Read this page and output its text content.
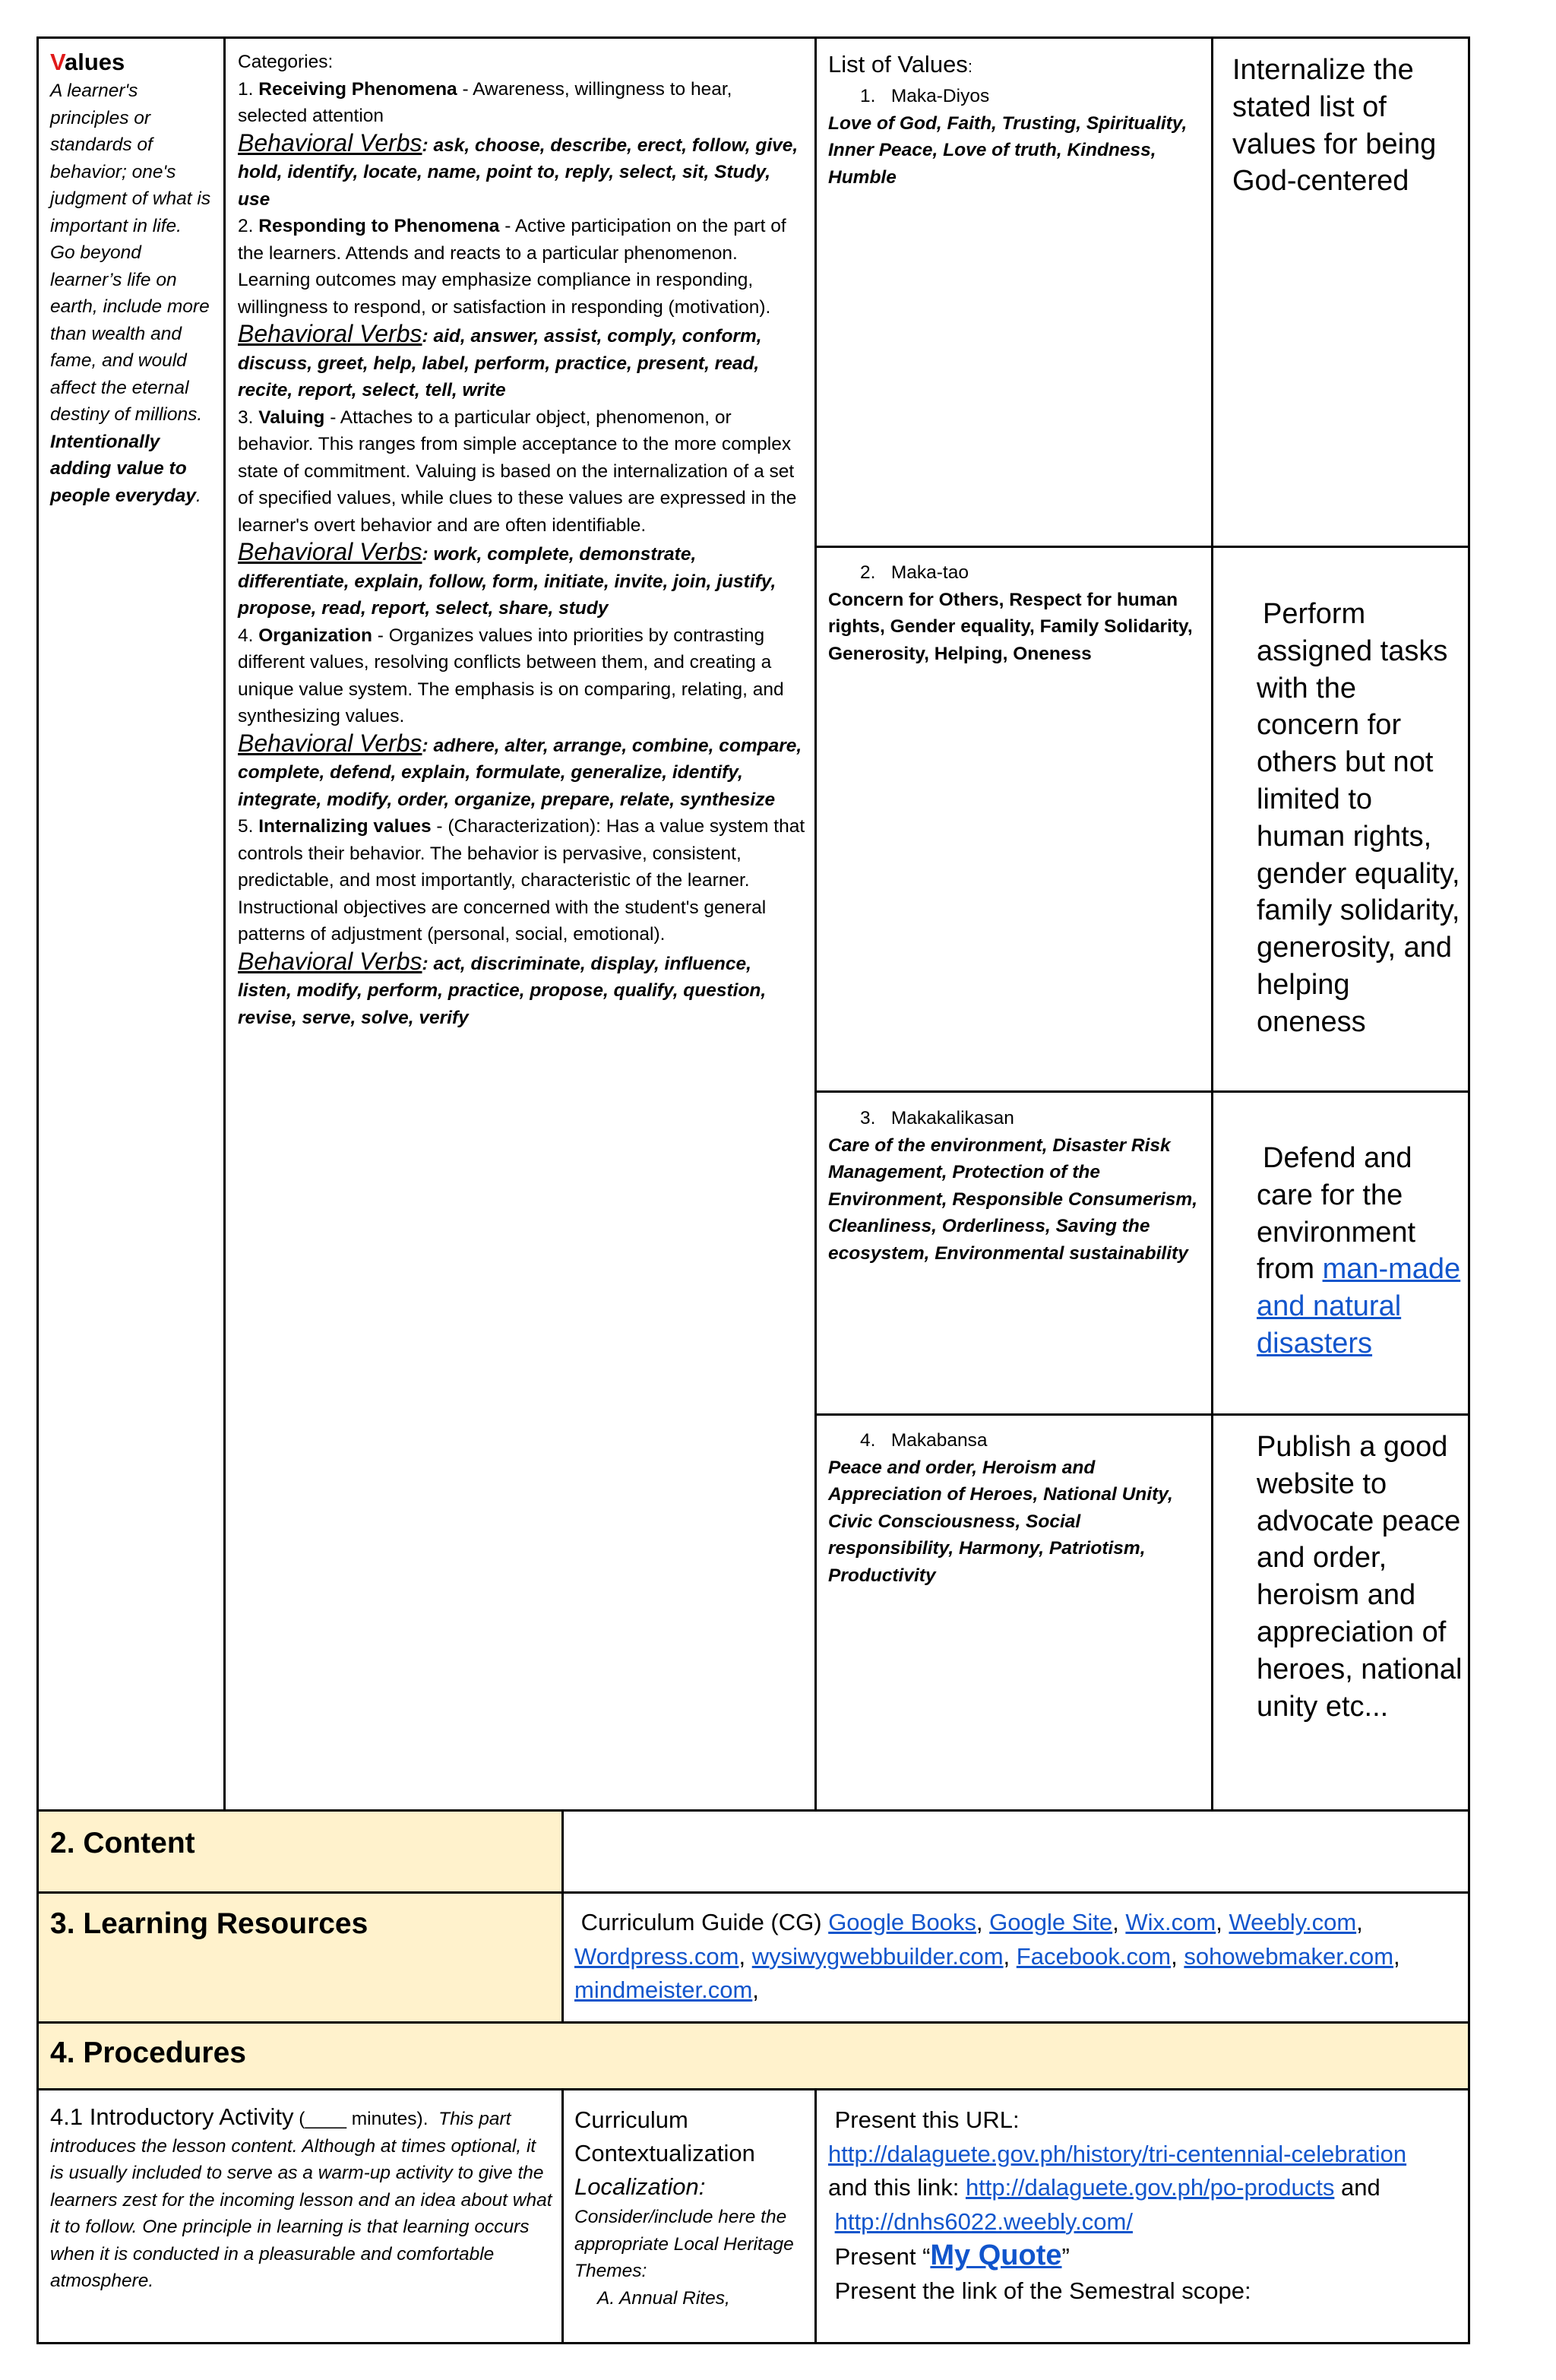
Values

A learner's principles or standards of behavior; one's judgment of what is important in life.

Go beyond learner’s life on earth, include more than wealth and fame, and would affect the eternal destiny of millions.

Intentionally adding value to people everyday.

Categories:

1. Receiving Phenomena - Awareness, willingness to hear, selected attention

Behavioral Verbs: ask, choose, describe, erect, follow, give, hold, identify, locate, name, point to, reply, select, sit, Study, use

2. Responding to Phenomena - Active participation on the part of the learners. Attends and reacts to a particular phenomenon. Learning outcomes may emphasize compliance in responding, willingness to respond, or satisfaction in responding (motivation).

Behavioral Verbs: aid, answer, assist, comply, conform, discuss, greet, help, label, perform, practice, present, read, recite, report, select, tell, write

3. Valuing - Attaches to a particular object, phenomenon, or behavior. This ranges from simple acceptance to the more complex state of commitment. Valuing is based on the internalization of a set of specified values, while clues to these values are expressed in the learner's overt behavior and are often identifiable.

Behavioral Verbs: work, complete, demonstrate, differentiate, explain, follow, form, initiate, invite, join, justify, propose, read, report, select, share, study

4. Organization - Organizes values into priorities by contrasting different values, resolving conflicts between them, and creating a unique value system. The emphasis is on comparing, relating, and synthesizing values.

Behavioral Verbs: adhere, alter, arrange, combine, compare, complete, defend, explain, formulate, generalize, identify, integrate, modify, order, organize, prepare, relate, synthesize

5. Internalizing values - (Characterization): Has a value system that controls their behavior. The behavior is pervasive, consistent, predictable, and most importantly, characteristic of the learner. Instructional objectives are concerned with the student's general patterns of adjustment (personal, social, emotional).

Behavioral Verbs: act, discriminate, display, influence, listen, modify, perform, practice, propose, qualify, question, revise, serve, solve, verify

List of Values:

1. Maka-Diyos

Love of God, Faith, Trusting, Spirituality, Inner Peace, Love of truth, Kindness, Humble

2. Maka-tao

Concern for Others, Respect for human rights, Gender equality, Family Solidarity, Generosity, Helping, Oneness

3. Makakalikasan

Care of the environment, Disaster Risk Management, Protection of the Environment, Responsible Consumerism, Cleanliness, Orderliness, Saving the ecosystem, Environmental sustainability

4. Makabansa

Peace and order, Heroism and Appreciation of Heroes, National Unity, Civic Consciousness, Social responsibility, Harmony, Patriotism, Productivity

Internalize the stated list of values for being God-centered
Perform assigned tasks with the concern for others but not limited to human rights, gender equality, family solidarity, generosity, and helping oneness
Defend and care for the environment from man-made and natural disasters
Publish a good website to advocate peace and order, heroism and appreciation of heroes, national unity etc...
2. Content
3. Learning Resources	Curriculum Guide (CG) Google Books, Google Site, Wix.com, Weebly.com, Wordpress.com, wysiwygwebbuilder.com, Facebook.com, sohowebmaker.com, mindmeister.com,
4. Procedures
4.1 Introductory Activity (____ minutes). This part introduces the lesson content. Although at times optional, it is usually included to serve as a warm-up activity to give the learners zest for the incoming lesson and an idea about what it to follow. One principle in learning is that learning occurs when it is conducted in a pleasurable and comfortable atmosphere.

Curriculum Contextualization

Localization:

Consider/include here the appropriate Local Heritage Themes:

A. Annual Rites,

Present this URL:

http://dalaguete.gov.ph/history/tri-centennial-celebration

and this link: http://dalaguete.gov.ph/po-products and

http://dnhs6022.weebly.com/

Present “My Quote”

Present the link of the Semestral scope:
